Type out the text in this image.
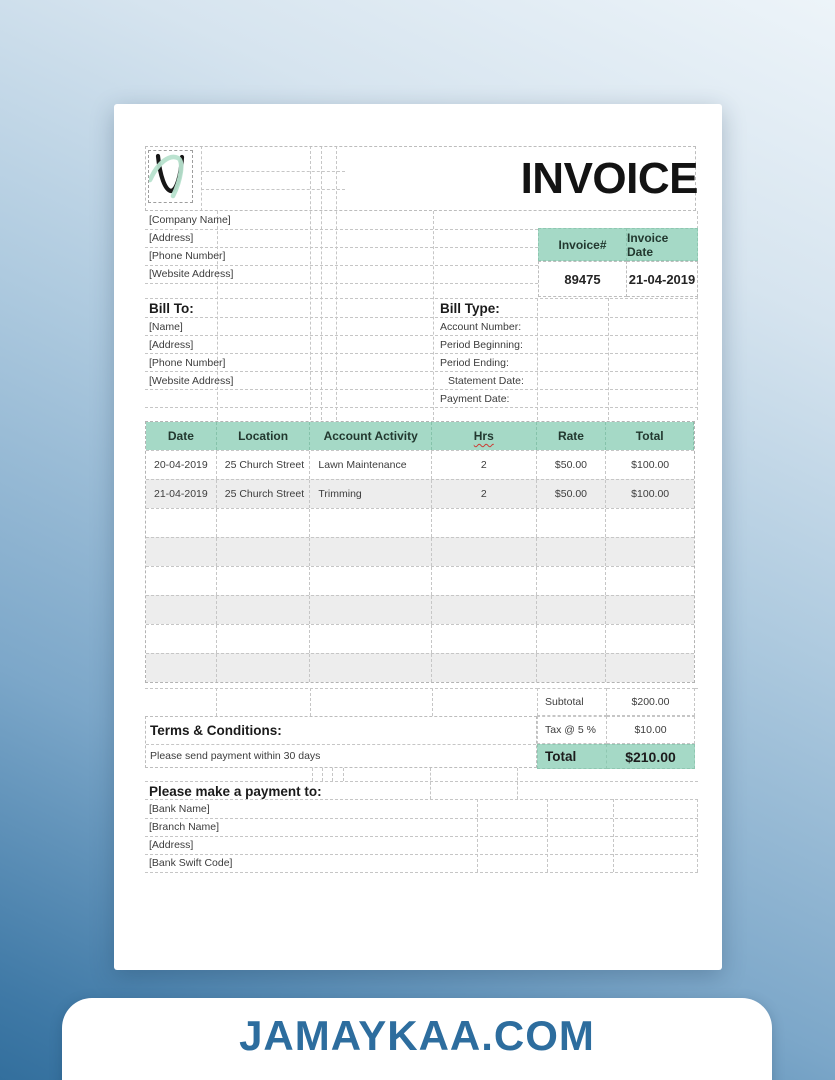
INVOICE
[Company Name]
[Address]
[Phone Number]
[Website Address]
Invoice#	Invoice Date
89475	21-04-2019
Bill To:
[Name]
[Address]
[Phone Number]
[Website Address]
Bill Type:
Account Number:
Period Beginning:
Period Ending:
Statement Date:
Payment Date:
Date	Location	Account Activity	Hrs	Rate	Total
20-04-2019	25 Church Street	Lawn Maintenance	2	$50.00	$100.00
21-04-2019	25 Church Street	Trimming	2	$50.00	$100.00
Subtotal	$200.00
Tax @ 5 %	$10.00
Total	$210.00
Terms & Conditions:
Please send payment within 30 days
Please make a payment to:
[Bank Name]
[Branch Name]
[Address]
[Bank Swift Code]
JAMAYKAA.COM
